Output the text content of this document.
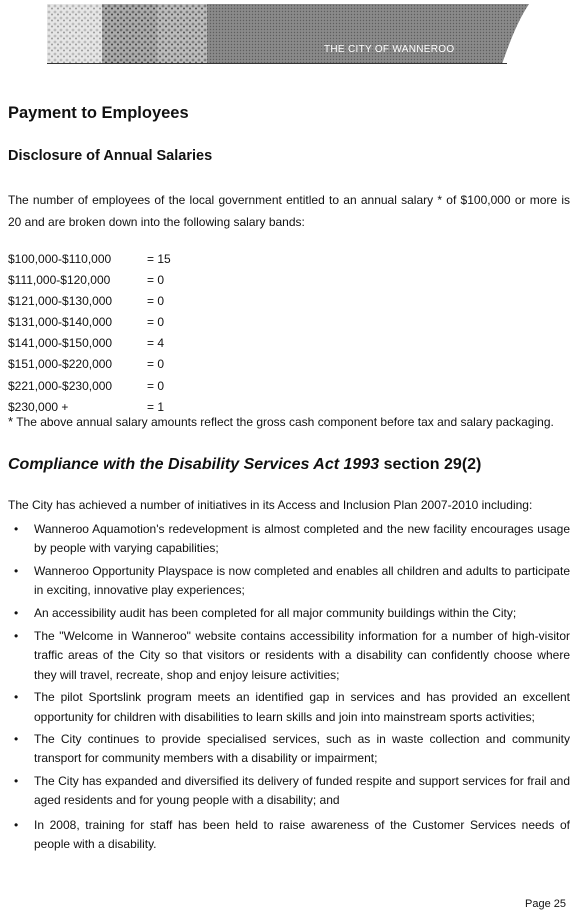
THE CITY OF WANNEROO
Payment to Employees
Disclosure of Annual Salaries

The number of employees of the local government entitled to an annual salary * of $100,000 or more is 20 and are broken down into the following salary bands:

$100,000-$110,000	= 15
$111,000-$120,000	= 0
$121,000-$130,000	= 0
$131,000-$140,000	= 0
$141,000-$150,000	= 4
$151,000-$220,000	= 0
$221,000-$230,000	= 0
$230,000 +	= 1
* The above annual salary amounts reflect the gross cash component before tax and salary packaging.
Compliance with the Disability Services Act 1993 section 29(2)

The City has achieved a number of initiatives in its Access and Inclusion Plan 2007-2010 including:

• Wanneroo Aquamotion's redevelopment is almost completed and the new facility encourages usage by people with varying capabilities;
• Wanneroo Opportunity Playspace is now completed and enables all children and adults to participate in exciting, innovative play experiences;
• An accessibility audit has been completed for all major community buildings within the City;
• The "Welcome in Wanneroo" website contains accessibility information for a number of high-visitor traffic areas of the City so that visitors or residents with a disability can confidently choose where they will travel, recreate, shop and enjoy leisure activities;
• The pilot Sportslink program meets an identified gap in services and has provided an excellent opportunity for children with disabilities to learn skills and join into mainstream sports activities;
• The City continues to provide specialised services, such as in waste collection and community transport for community members with a disability or impairment;
• The City has expanded and diversified its delivery of funded respite and support services for frail and aged residents and for young people with a disability; and
• In 2008, training for staff has been held to raise awareness of the Customer Services needs of people with a disability.
Page 25
